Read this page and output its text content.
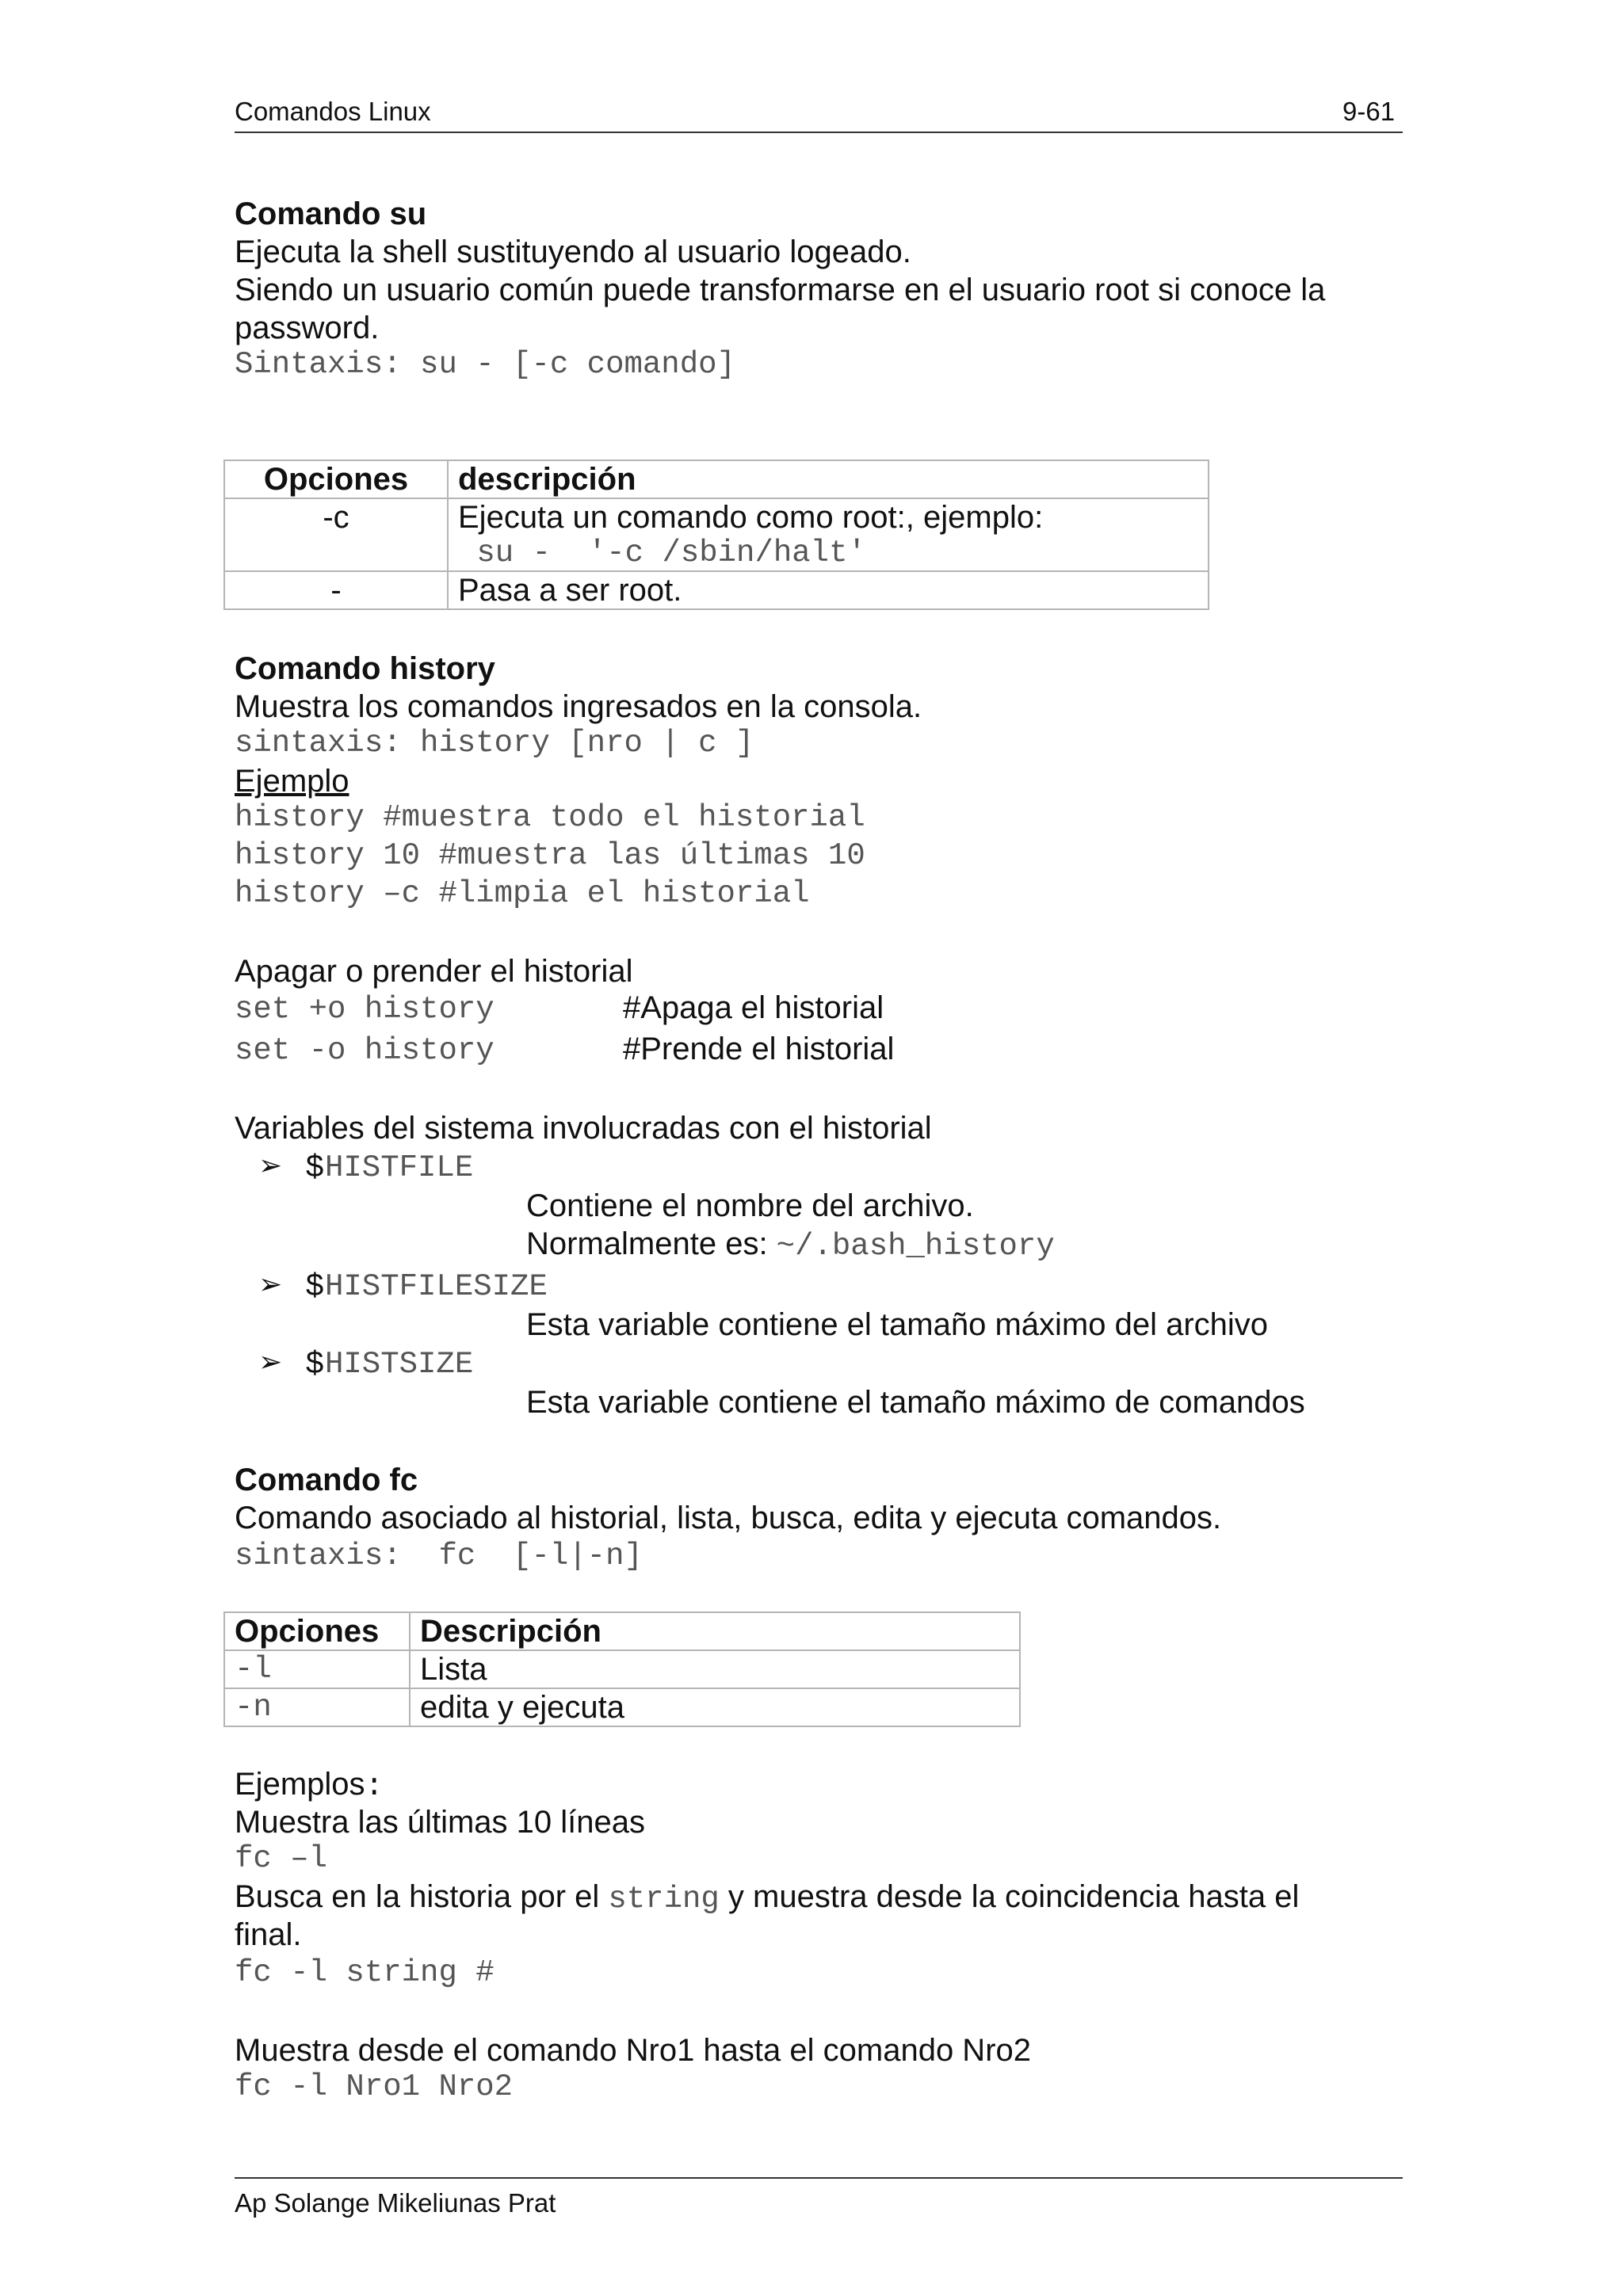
Comandos Linux	9-61
Comando su
Ejecuta la shell sustituyendo al usuario logeado.
Siendo un usuario común puede transformarse en el usuario root si conoce la
password.
Sintaxis: su - [-c comando]
Opciones	descripción
-c	Ejecuta un comando como root:, ejemplo:
su -  '-c /sbin/halt'

-	Pasa a ser root.
Comando history
Muestra los comandos ingresados en la consola.
sintaxis: history [nro | c ]
Ejemplo
history #muestra todo el historial
history 10 #muestra las últimas 10
history –c #limpia el historial
Apagar o prender el historial
set +o history	#Apaga el historial
set -o history	#Prende el historial
Variables del sistema involucradas con el historial
➢ $ HISTFILE
Contiene el nombre del archivo.
Normalmente es: ~/.bash_history
➢ $ HISTFILESIZE
Esta variable contiene el tamaño máximo del archivo
➢ $ HISTSIZE
Esta variable contiene el tamaño máximo de comandos
Comando fc
Comando asociado al historial, lista, busca, edita y ejecuta comandos.
sintaxis:  fc  [-l|-n]
Opciones	Descripción
-l	Lista
-n	edita y ejecuta
Ejemplos:
Muestra las últimas 10 líneas
fc –l
Busca en la historia por el string y muestra desde la coincidencia hasta el
final.
fc -l string #
Muestra desde el comando Nro1 hasta el comando Nro2
fc -l Nro1 Nro2
Ap Solange Mikeliunas Prat
